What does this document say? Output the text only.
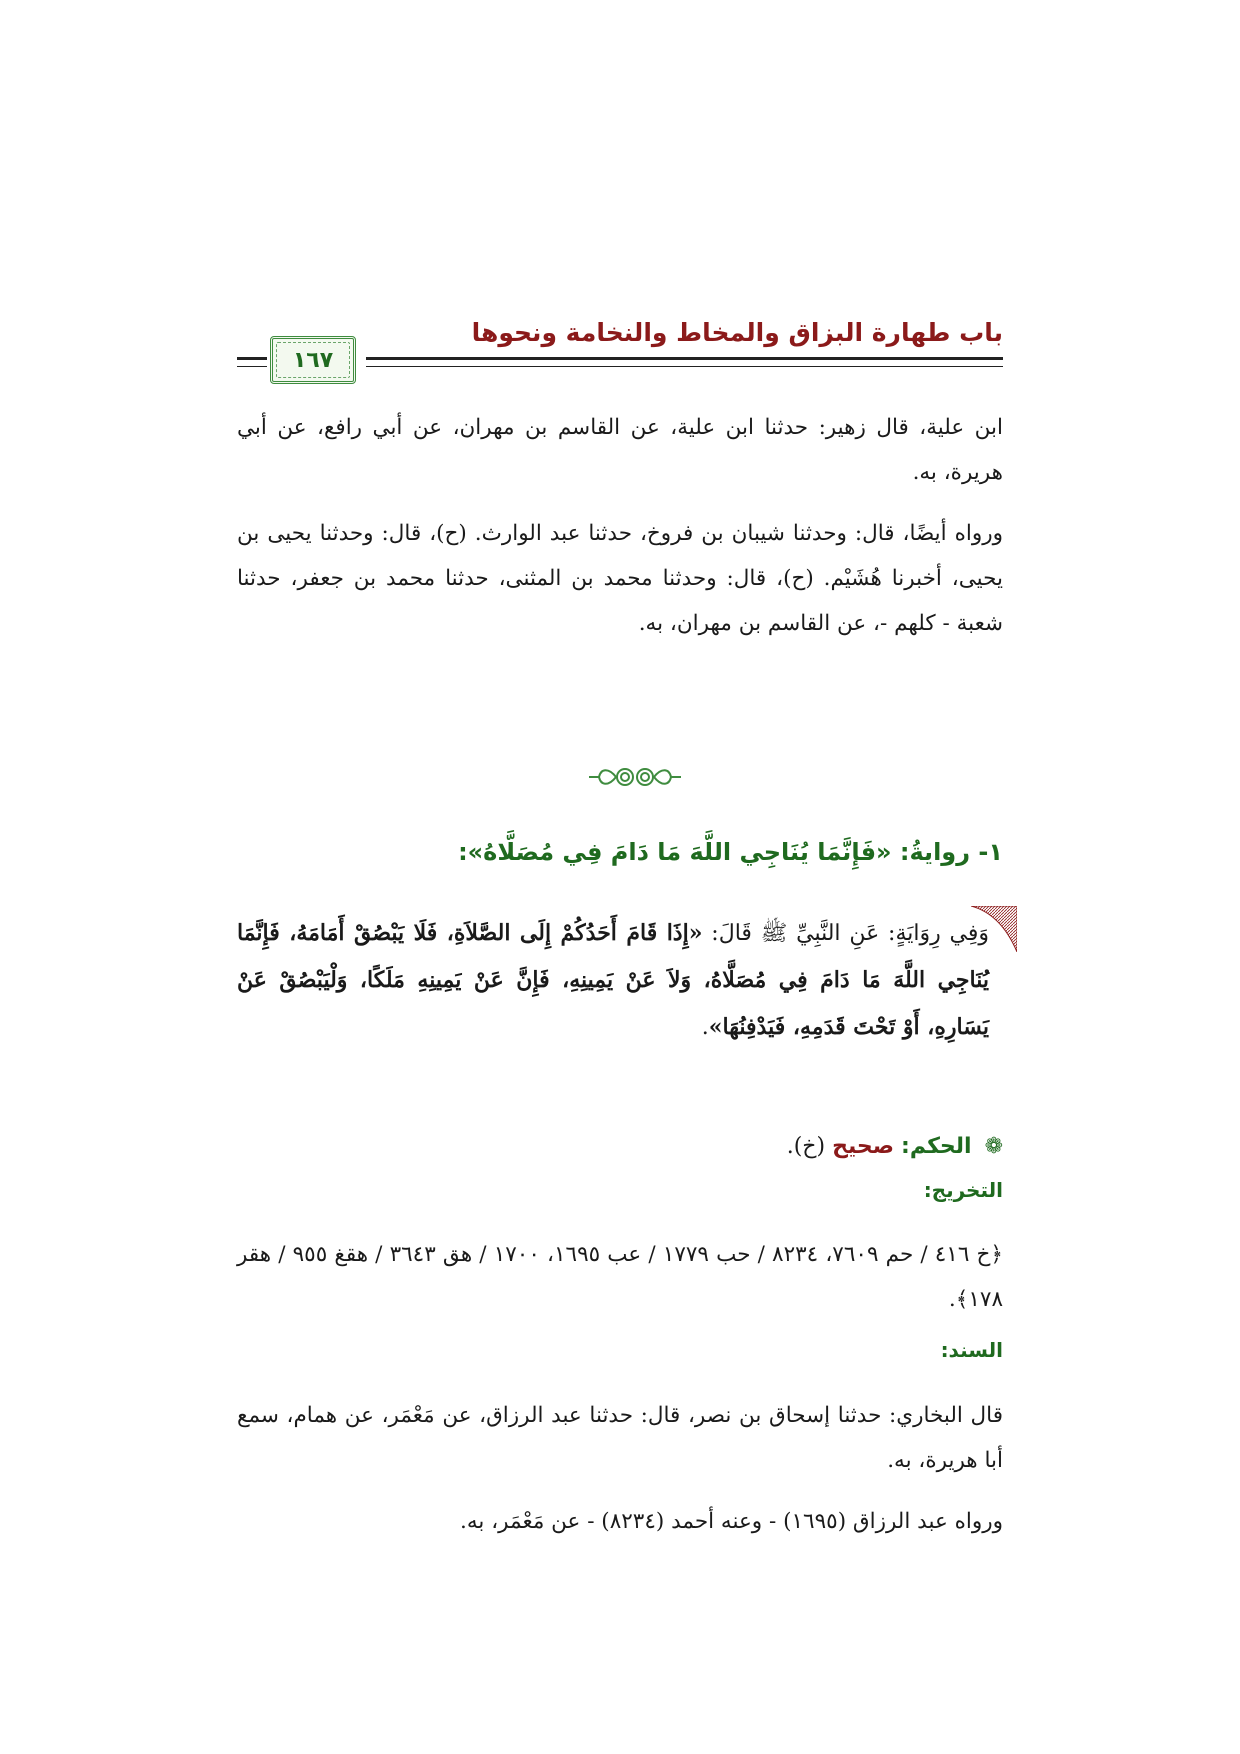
باب طهارة البزاق والمخاط والنخامة ونحوها
١٦٧

ابن علية، قال زهير: حدثنا ابن علية، عن القاسم بن مهران، عن أبي رافع، عن أبي هريرة، به.

ورواه أيضًا، قال: وحدثنا شيبان بن فروخ، حدثنا عبد الوارث. (ح)، قال: وحدثنا يحيى بن يحيى، أخبرنا هُشَيْم. (ح)، قال: وحدثنا محمد بن المثنى، حدثنا محمد بن جعفر، حدثنا شعبة - كلهم -، عن القاسم بن مهران، به.

١- روايةُ: «فَإِنَّمَا يُنَاجِي اللَّهَ مَا دَامَ فِي مُصَلَّاهُ»:

وَفِي رِوَايَةٍ: عَنِ النَّبِيِّ ﷺ قَالَ: «إِذَا قَامَ أَحَدُكُمْ إِلَى الصَّلاَةِ، فَلَا يَبْصُقْ أَمَامَهُ، فَإِنَّمَا يُنَاجِي اللَّهَ مَا دَامَ فِي مُصَلَّاهُ، وَلاَ عَنْ يَمِينِهِ، فَإِنَّ عَنْ يَمِينِهِ مَلَكًا، وَلْيَبْصُقْ عَنْ يَسَارِهِ، أَوْ تَحْتَ قَدَمِهِ، فَيَدْفِنُهَا».

❁ الحكم: صحيح (خ).
التخريج:

﴿خ ٤١٦ / حم ٧٦٠٩، ٨٢٣٤ / حب ١٧٧٩ / عب ١٦٩٥، ١٧٠٠ / هق ٣٦٤٣ / هقغ ٩٥٥ / هقر ١٧٨﴾.

السند:

قال البخاري: حدثنا إسحاق بن نصر، قال: حدثنا عبد الرزاق، عن مَعْمَر، عن همام، سمع أبا هريرة، به.

ورواه عبد الرزاق (١٦٩٥) - وعنه أحمد (٨٢٣٤) - عن مَعْمَر، به.
